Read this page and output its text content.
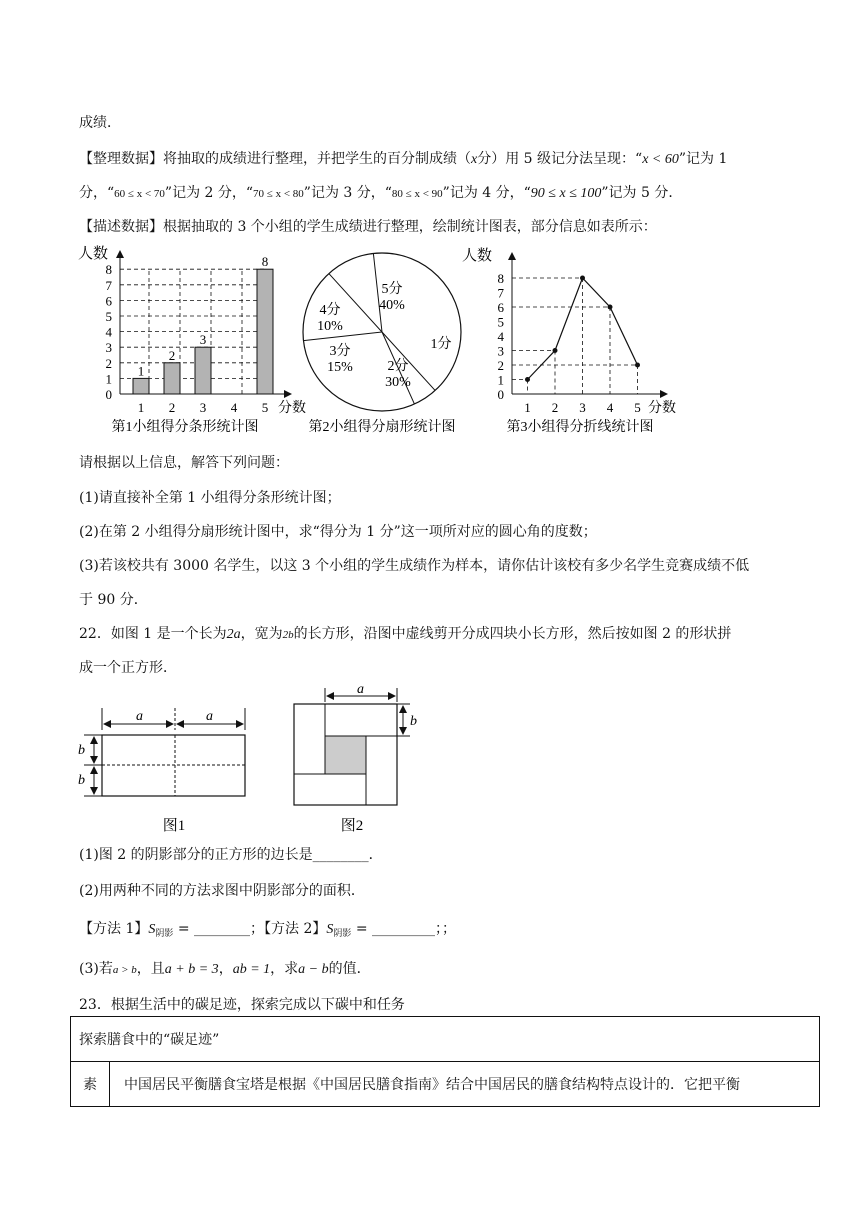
成绩．
【整理数据】将抽取的成绩进行整理，并把学生的百分制成绩（x分）用 5 级记分法呈现：“x < 60”记为 1
分，“60 ≤ x < 70”记为 2 分，“70 ≤ x < 80”记为 3 分，“80 ≤ x < 90”记为 4 分，“90 ≤ x ≤ 100”记为 5 分．
【描述数据】根据抽取的 3 个小组的学生成绩进行整理，绘制统计图表，部分信息如表所示：
人数
分数
0
1
2
3
4
5
6
7
8
1
1
2
2
3
3
4 5
8
第1小组得分条形统计图
5分
40%
1分
2分
30%
3分
15%
4分
10%
第2小组得分扇形统计图
人数
分数
0
1
2
3
4
5
6
7
8
1 2 3 4 5
第3小组得分折线统计图
请根据以上信息，解答下列问题：
(1)请直接补全第 1 小组得分条形统计图；
(2)在第 2 小组得分扇形统计图中，求“得分为 1 分”这一项所对应的圆心角的度数；
(3)若该校共有 3000 名学生，以这 3 个小组的学生成绩作为样本，请你估计该校有多少名学生竞赛成绩不低
于 90 分．
22．如图 1 是一个长为2a，宽为2b的长方形，沿图中虚线剪开分成四块小长方形，然后按如图 2 的形状拼
成一个正方形．
a	a
b
b
图1
a
b
图2
(1)图 2 的阴影部分的正方形的边长是________．
(2)用两种不同的方法求图中阴影部分的面积．
【方法 1】$S_{阴影}$ = ________；【方法 2】$S_{阴影}$ = _________；；
(3)若a > b，且a + b = 3，ab = 1，求a − b的值．
23．根据生活中的碳足迹，探索完成以下碳中和任务
探索膳食中的“碳足迹”
素	中国居民平衡膳食宝塔是根据《中国居民膳食指南》结合中国居民的膳食结构特点设计的．它把平衡
